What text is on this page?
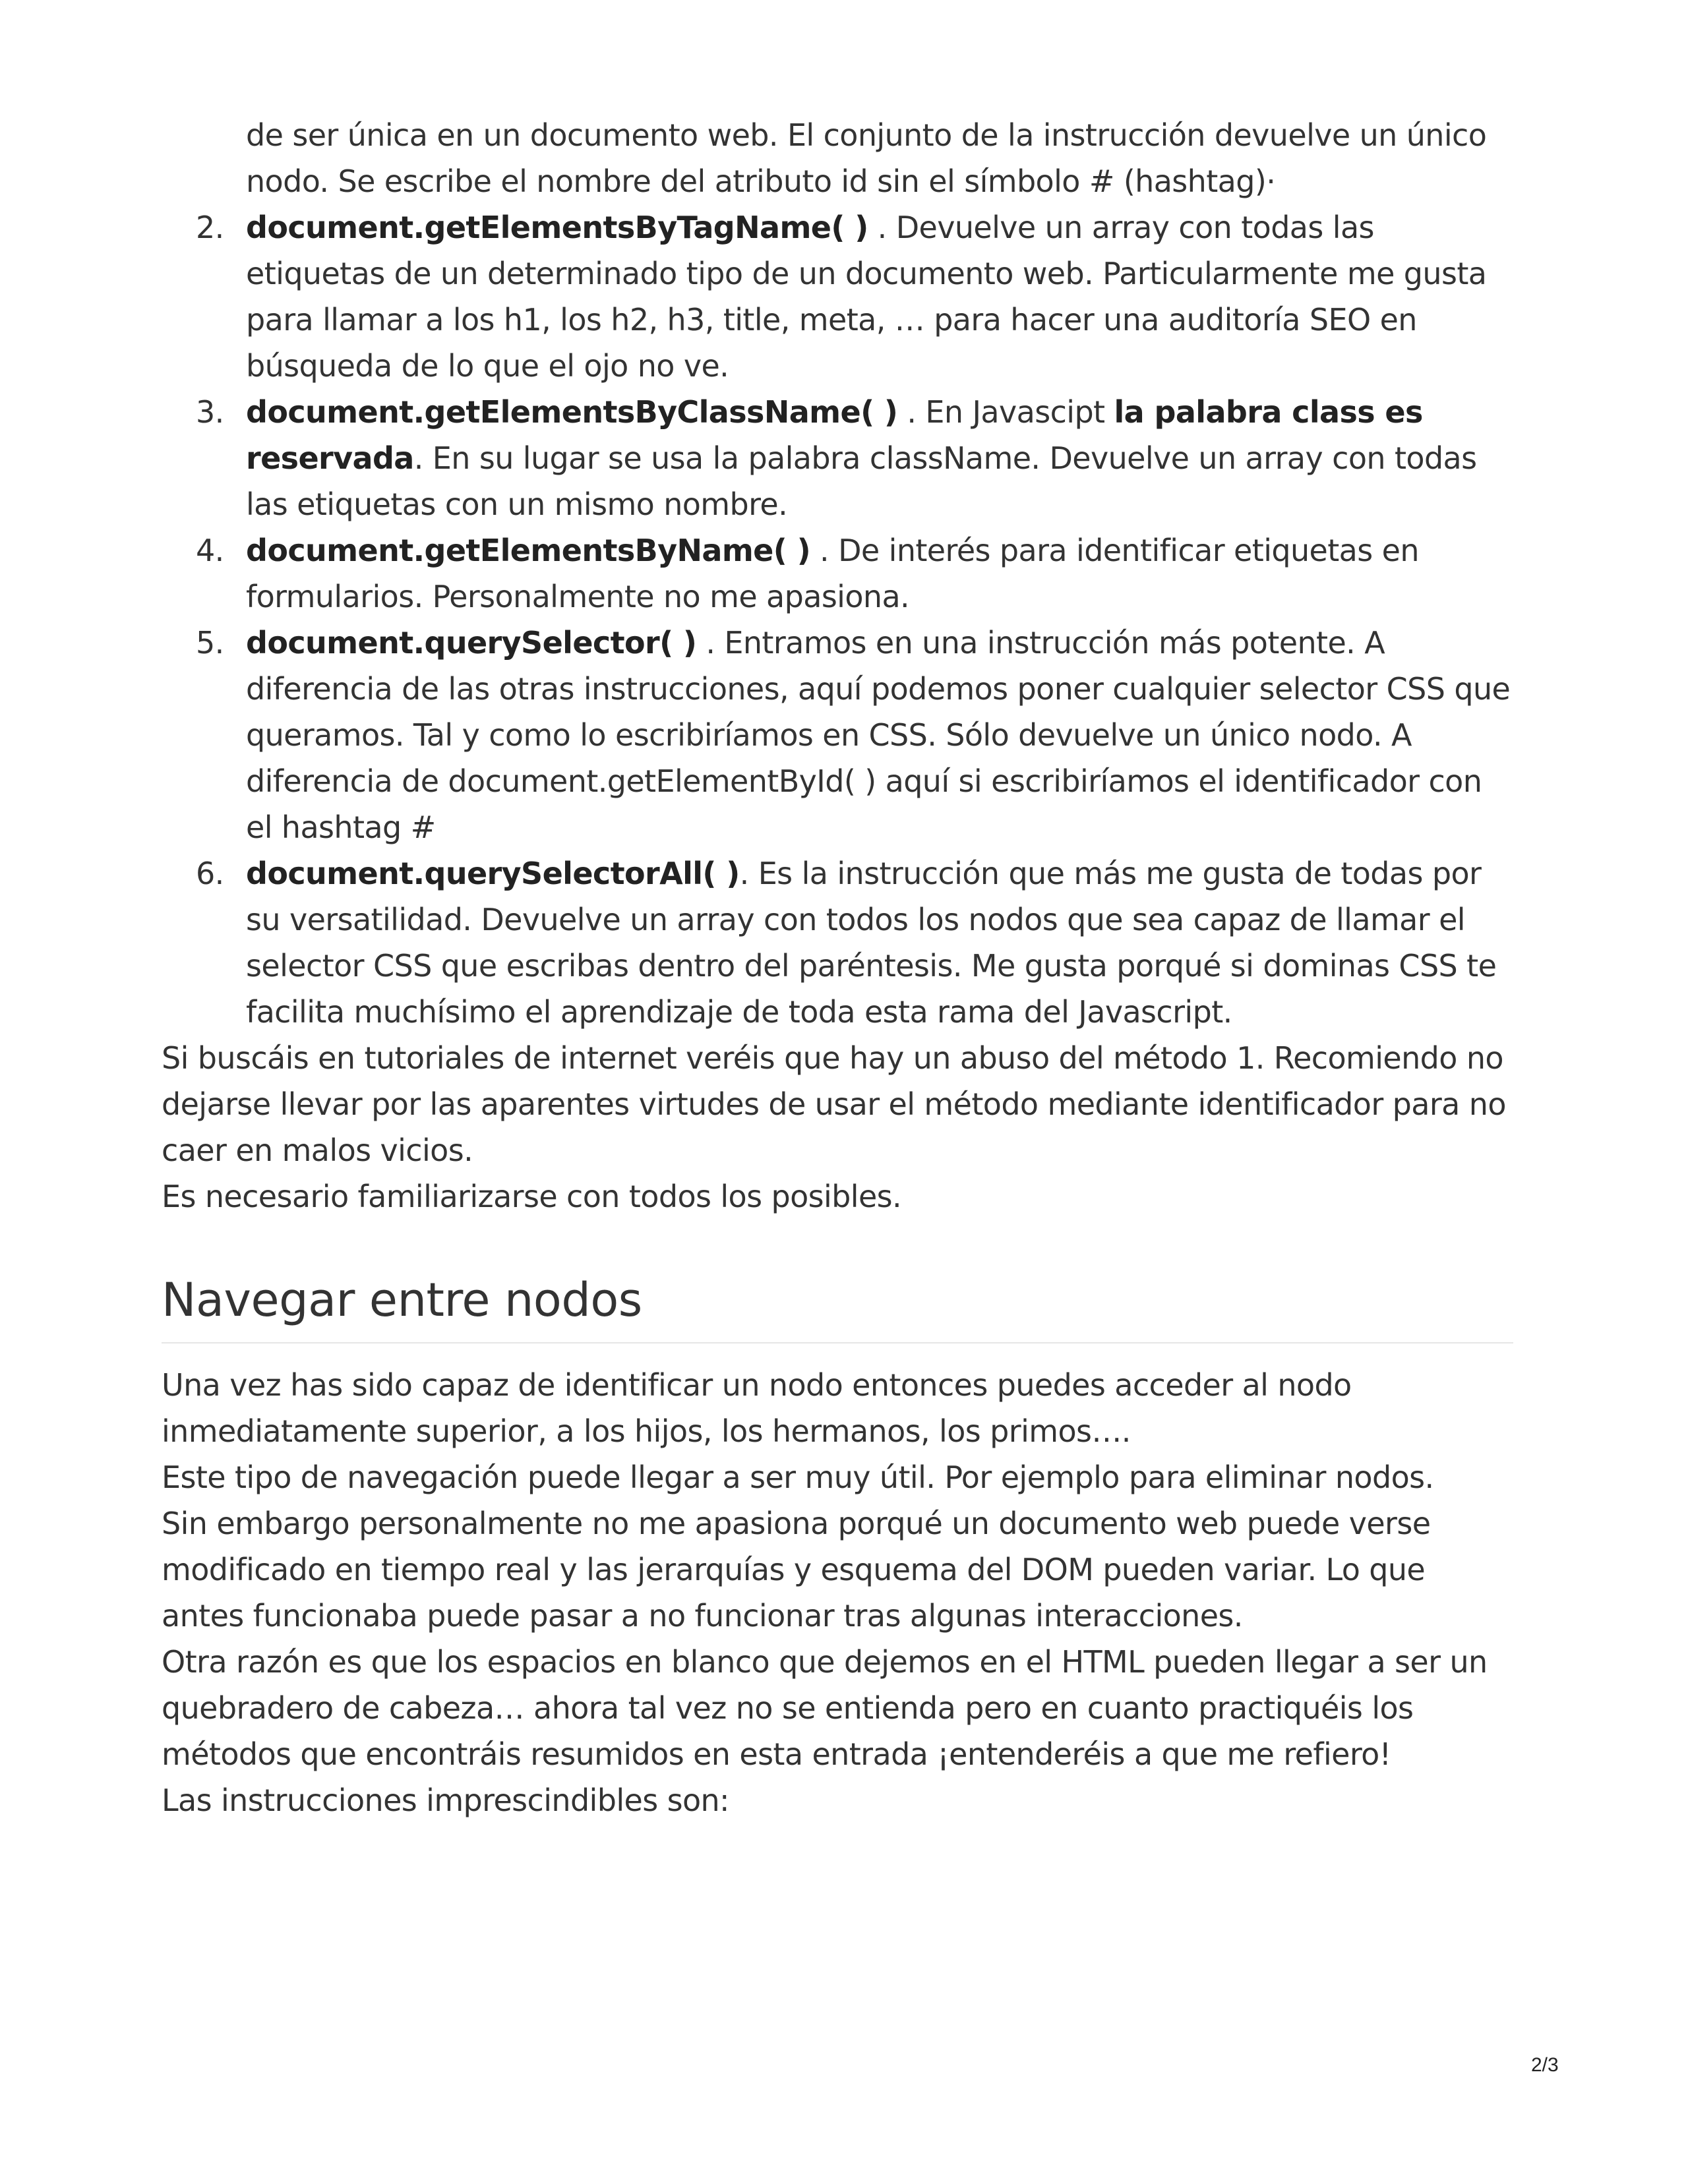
de ser única en un documento web. El conjunto de la instrucción devuelve un único
nodo. Se escribe el nombre del atributo id sin el símbolo # (hashtag)·
2. document.getElementsByTagName( ) . Devuelve un array con todas las etiquetas de un determinado tipo de un documento web. Particularmente me gusta para llamar a los h1, los h2, h3, title, meta, … para hacer una auditoría SEO en búsqueda de lo que el ojo no ve.
3. document.getElementsByClassName( ) . En Javascipt la palabra class es reservada. En su lugar se usa la palabra className. Devuelve un array con todas las etiquetas con un mismo nombre.
4. document.getElementsByName( ) . De interés para identificar etiquetas en formularios. Personalmente no me apasiona.
5. document.querySelector( ) . Entramos en una instrucción más potente. A diferencia de las otras instrucciones, aquí podemos poner cualquier selector CSS que queramos. Tal y como lo escribiríamos en CSS. Sólo devuelve un único nodo. A diferencia de document.getElementById( ) aquí si escribiríamos el identificador con el hashtag #
6. document.querySelectorAll( ). Es la instrucción que más me gusta de todas por su versatilidad. Devuelve un array con todos los nodos que sea capaz de llamar el selector CSS que escribas dentro del paréntesis. Me gusta porqué si dominas CSS te facilita muchísimo el aprendizaje de toda esta rama del Javascript.

Si buscáis en tutoriales de internet veréis que hay un abuso del método 1. Recomiendo no dejarse llevar por las aparentes virtudes de usar el método mediante identificador para no caer en malos vicios.

Es necesario familiarizarse con todos los posibles.

Navegar entre nodos

Una vez has sido capaz de identificar un nodo entonces puedes acceder al nodo inmediatamente superior, a los hijos, los hermanos, los primos….

Este tipo de navegación puede llegar a ser muy útil. Por ejemplo para eliminar nodos.

Sin embargo personalmente no me apasiona porqué un documento web puede verse modificado en tiempo real y las jerarquías y esquema del DOM pueden variar. Lo que antes funcionaba puede pasar a no funcionar tras algunas interacciones.

Otra razón es que los espacios en blanco que dejemos en el HTML pueden llegar a ser un quebradero de cabeza… ahora tal vez no se entienda pero en cuanto practiquéis los métodos que encontráis resumidos en esta entrada ¡entenderéis a que me refiero!

Las instrucciones imprescindibles son:

2/3
